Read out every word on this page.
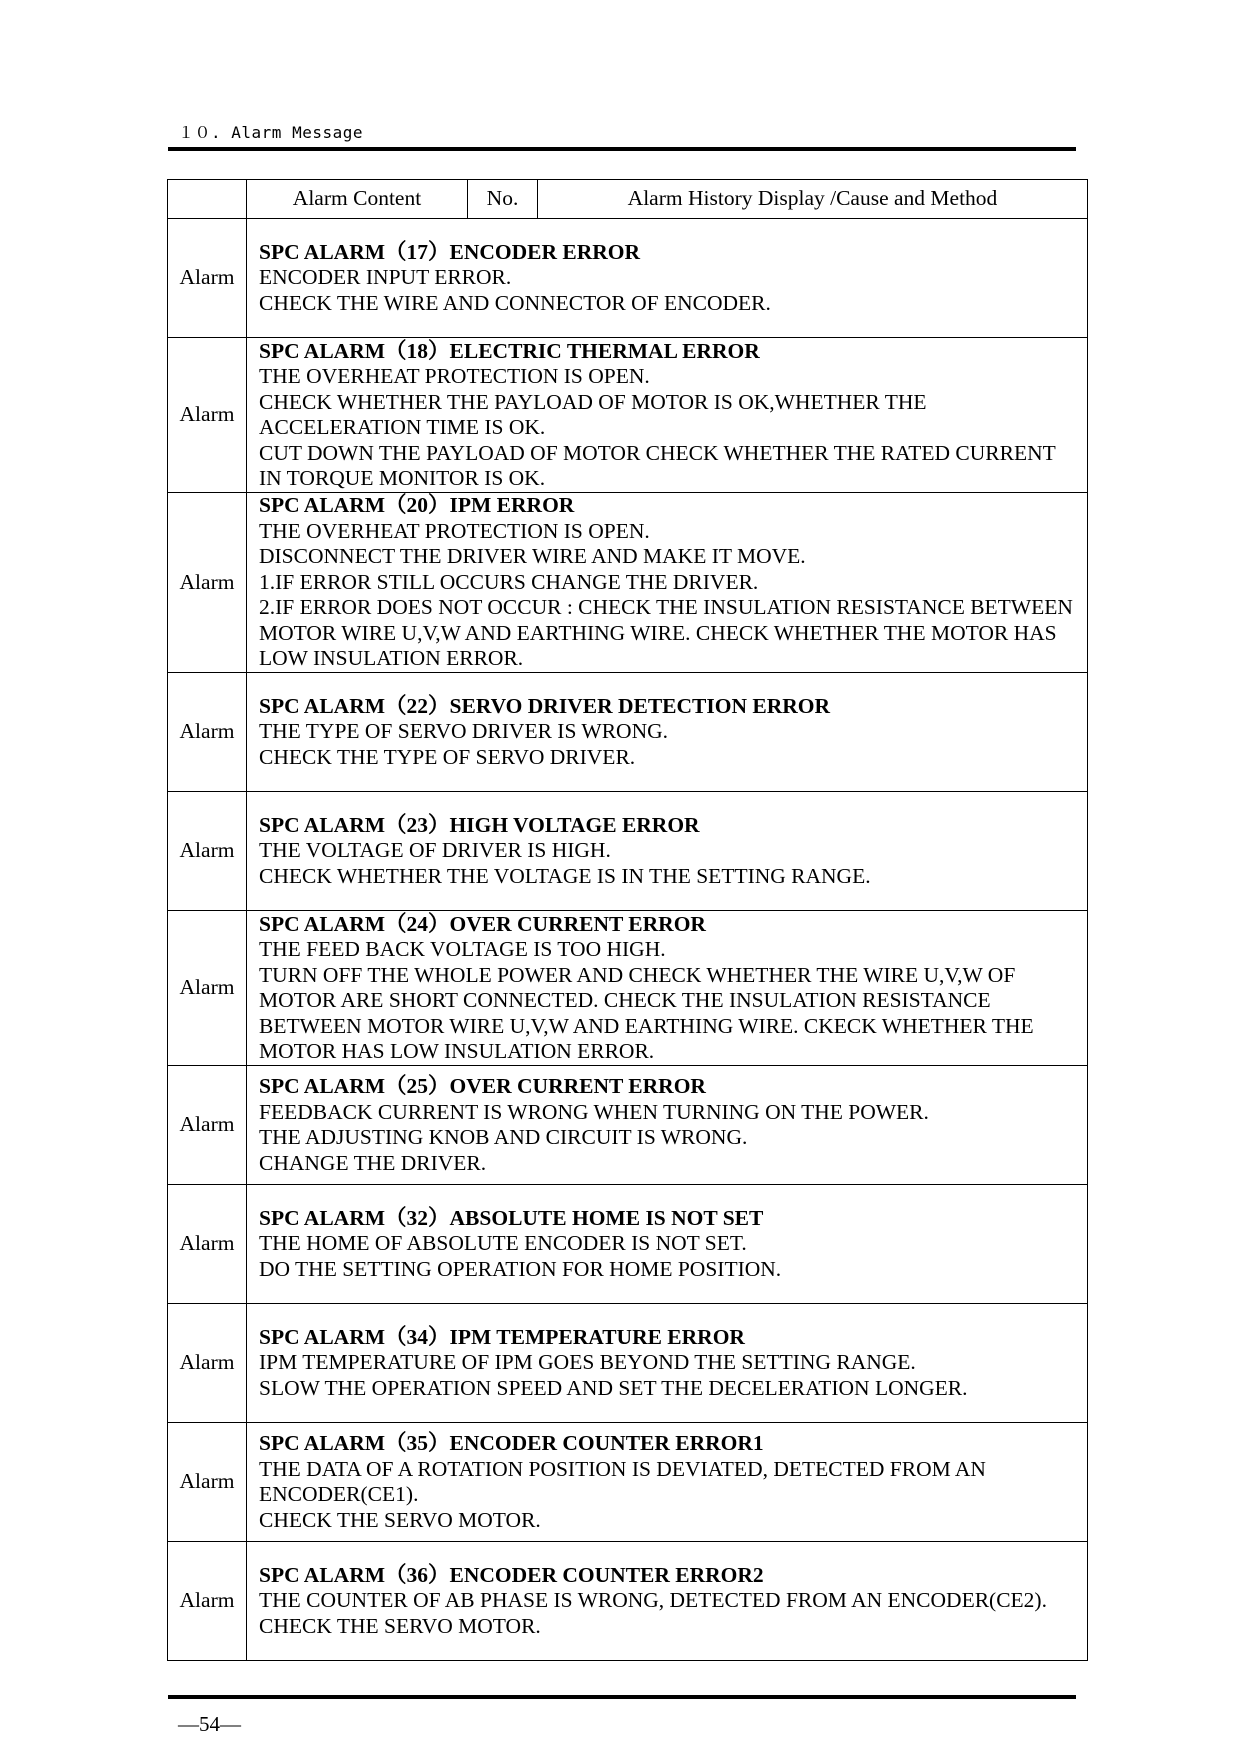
１０. Alarm Message
	Alarm Content	No.	Alarm History Display /Cause and Method
Alarm	SPC ALARM（17）ENCODER ERROR
ENCODER INPUT ERROR.
CHECK THE WIRE AND CONNECTOR OF ENCODER.		

Alarm	SPC ALARM（18）ELECTRIC THERMAL ERROR
THE OVERHEAT PROTECTION IS OPEN.
CHECK WHETHER THE PAYLOAD OF MOTOR IS OK,WHETHER THE ACCELERATION TIME IS OK.
CUT DOWN THE PAYLOAD OF MOTOR CHECK WHETHER THE RATED CURRENT IN TORQUE MONITOR IS OK.		

Alarm	SPC ALARM（20）IPM ERROR
THE OVERHEAT PROTECTION IS OPEN.
DISCONNECT THE DRIVER WIRE AND MAKE IT MOVE.
1.IF ERROR STILL OCCURS CHANGE THE DRIVER.
2.IF ERROR DOES NOT OCCUR : CHECK THE INSULATION RESISTANCE BETWEEN MOTOR WIRE U,V,W AND EARTHING WIRE. CHECK WHETHER THE MOTOR HAS LOW INSULATION ERROR.		

Alarm	SPC ALARM（22）SERVO DRIVER DETECTION ERROR
THE TYPE OF SERVO DRIVER IS WRONG.
CHECK THE TYPE OF SERVO DRIVER.		

Alarm	SPC ALARM（23）HIGH VOLTAGE ERROR
THE VOLTAGE OF DRIVER IS HIGH.
CHECK WHETHER THE VOLTAGE IS IN THE SETTING RANGE.		

Alarm	SPC ALARM（24）OVER CURRENT ERROR
THE FEED BACK VOLTAGE IS TOO HIGH.
TURN OFF THE WHOLE POWER AND CHECK WHETHER THE WIRE U,V,W OF MOTOR ARE SHORT CONNECTED. CHECK THE INSULATION RESISTANCE BETWEEN MOTOR WIRE U,V,W AND EARTHING WIRE. CKECK WHETHER THE MOTOR HAS LOW INSULATION ERROR.		

Alarm	SPC ALARM（25）OVER CURRENT ERROR
FEEDBACK CURRENT IS WRONG WHEN TURNING ON THE POWER.
THE ADJUSTING KNOB AND CIRCUIT IS WRONG.
CHANGE THE DRIVER.		

Alarm	SPC ALARM（32）ABSOLUTE HOME IS NOT SET
THE HOME OF ABSOLUTE ENCODER IS NOT SET.
DO THE SETTING OPERATION FOR HOME POSITION.		

Alarm	SPC ALARM（34）IPM TEMPERATURE ERROR
IPM TEMPERATURE OF IPM GOES BEYOND THE SETTING RANGE.
SLOW THE OPERATION SPEED AND SET THE DECELERATION LONGER.		

Alarm	SPC ALARM（35）ENCODER COUNTER ERROR1
THE DATA OF A ROTATION POSITION IS DEVIATED, DETECTED FROM AN ENCODER(CE1).
CHECK THE SERVO MOTOR.		

Alarm	SPC ALARM（36）ENCODER COUNTER ERROR2
THE COUNTER OF AB PHASE IS WRONG, DETECTED FROM AN ENCODER(CE2).
CHECK THE SERVO MOTOR.		
—54—
